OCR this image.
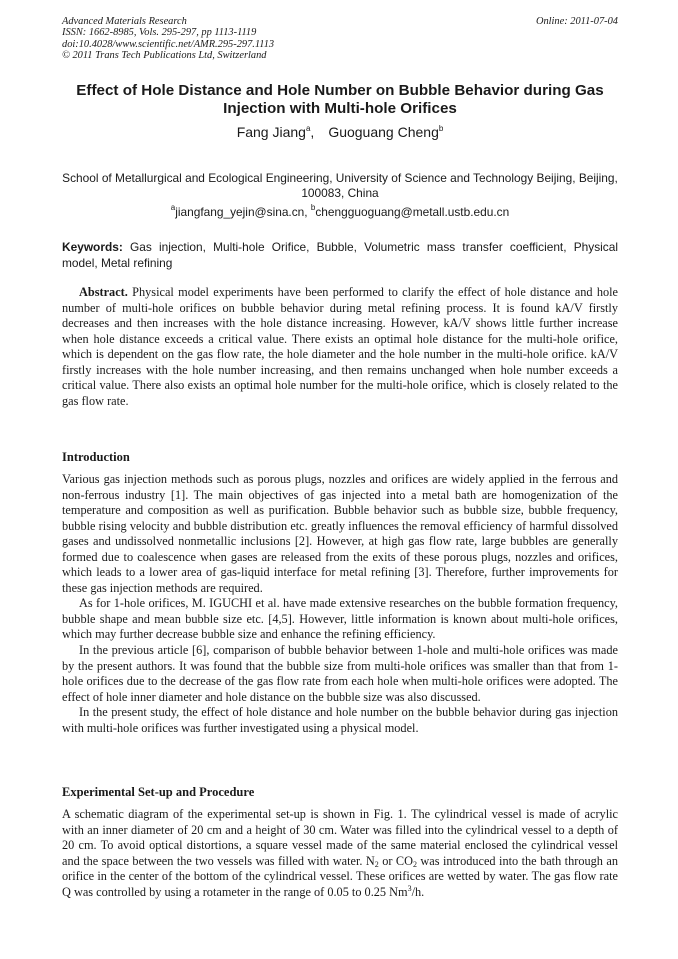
Advanced Materials Research
ISSN: 1662-8985, Vols. 295-297, pp 1113-1119
doi:10.4028/www.scientific.net/AMR.295-297.1113
© 2011 Trans Tech Publications Ltd, Switzerland
Online: 2011-07-04
Effect of Hole Distance and Hole Number on Bubble Behavior during Gas Injection with Multi-hole Orifices
Fang Jiang$^a$, Guoguang Cheng$^b$
School of Metallurgical and Ecological Engineering, University of Science and Technology Beijing, Beijing, 100083, China
$^a$jiangfang_yejin@sina.cn, $^b$chengguoguang@metall.ustb.edu.cn
Keywords: Gas injection, Multi-hole Orifice, Bubble, Volumetric mass transfer coefficient, Physical model, Metal refining

Abstract. Physical model experiments have been performed to clarify the effect of hole distance and hole number of multi-hole orifices on bubble behavior during metal refining process. It is found kA/V firstly decreases and then increases with the hole distance increasing. However, kA/V shows little further increase when hole distance exceeds a critical value. There exists an optimal hole distance for the multi-hole orifice, which is dependent on the gas flow rate, the hole diameter and the hole number in the multi-hole orifice. kA/V firstly increases with the hole number increasing, and then remains unchanged when hole number exceeds a critical value. There also exists an optimal hole number for the multi-hole orifice, which is closely related to the gas flow rate.

Introduction

Various gas injection methods such as porous plugs, nozzles and orifices are widely applied in the ferrous and non-ferrous industry [1]. The main objectives of gas injected into a metal bath are homogenization of the temperature and composition as well as purification. Bubble behavior such as bubble size, bubble frequency, bubble rising velocity and bubble distribution etc. greatly influences the removal efficiency of harmful dissolved gases and undissolved nonmetallic inclusions [2]. However, at high gas flow rate, large bubbles are generally formed due to coalescence when gases are released from the exits of these porous plugs, nozzles and orifices, which leads to a lower area of gas-liquid interface for metal refining [3]. Therefore, further improvements for these gas injection methods are required.

As for 1-hole orifices, M. IGUCHI et al. have made extensive researches on the bubble formation frequency, bubble shape and mean bubble size etc. [4,5]. However, little information is known about multi-hole orifices, which may further decrease bubble size and enhance the refining efficiency.

In the previous article [6], comparison of bubble behavior between 1-hole and multi-hole orifices was made by the present authors. It was found that the bubble size from multi-hole orifices was smaller than that from 1-hole orifices due to the decrease of the gas flow rate from each hole when multi-hole orifices were adopted. The effect of hole inner diameter and hole distance on the bubble size was also discussed.

In the present study, the effect of hole distance and hole number on the bubble behavior during gas injection with multi-hole orifices was further investigated using a physical model.

Experimental Set-up and Procedure

A schematic diagram of the experimental set-up is shown in Fig. 1. The cylindrical vessel is made of acrylic with an inner diameter of 20 cm and a height of 30 cm. Water was filled into the cylindrical vessel to a depth of 20 cm. To avoid optical distortions, a square vessel made of the same material enclosed the cylindrical vessel and the space between the two vessels was filled with water. $N_2$ or $CO_2$ was introduced into the bath through an orifice in the center of the bottom of the cylindrical vessel. These orifices are wetted by water. The gas flow rate Q was controlled by using a rotameter in the range of 0.05 to 0.25 Nm$^3$/h.
